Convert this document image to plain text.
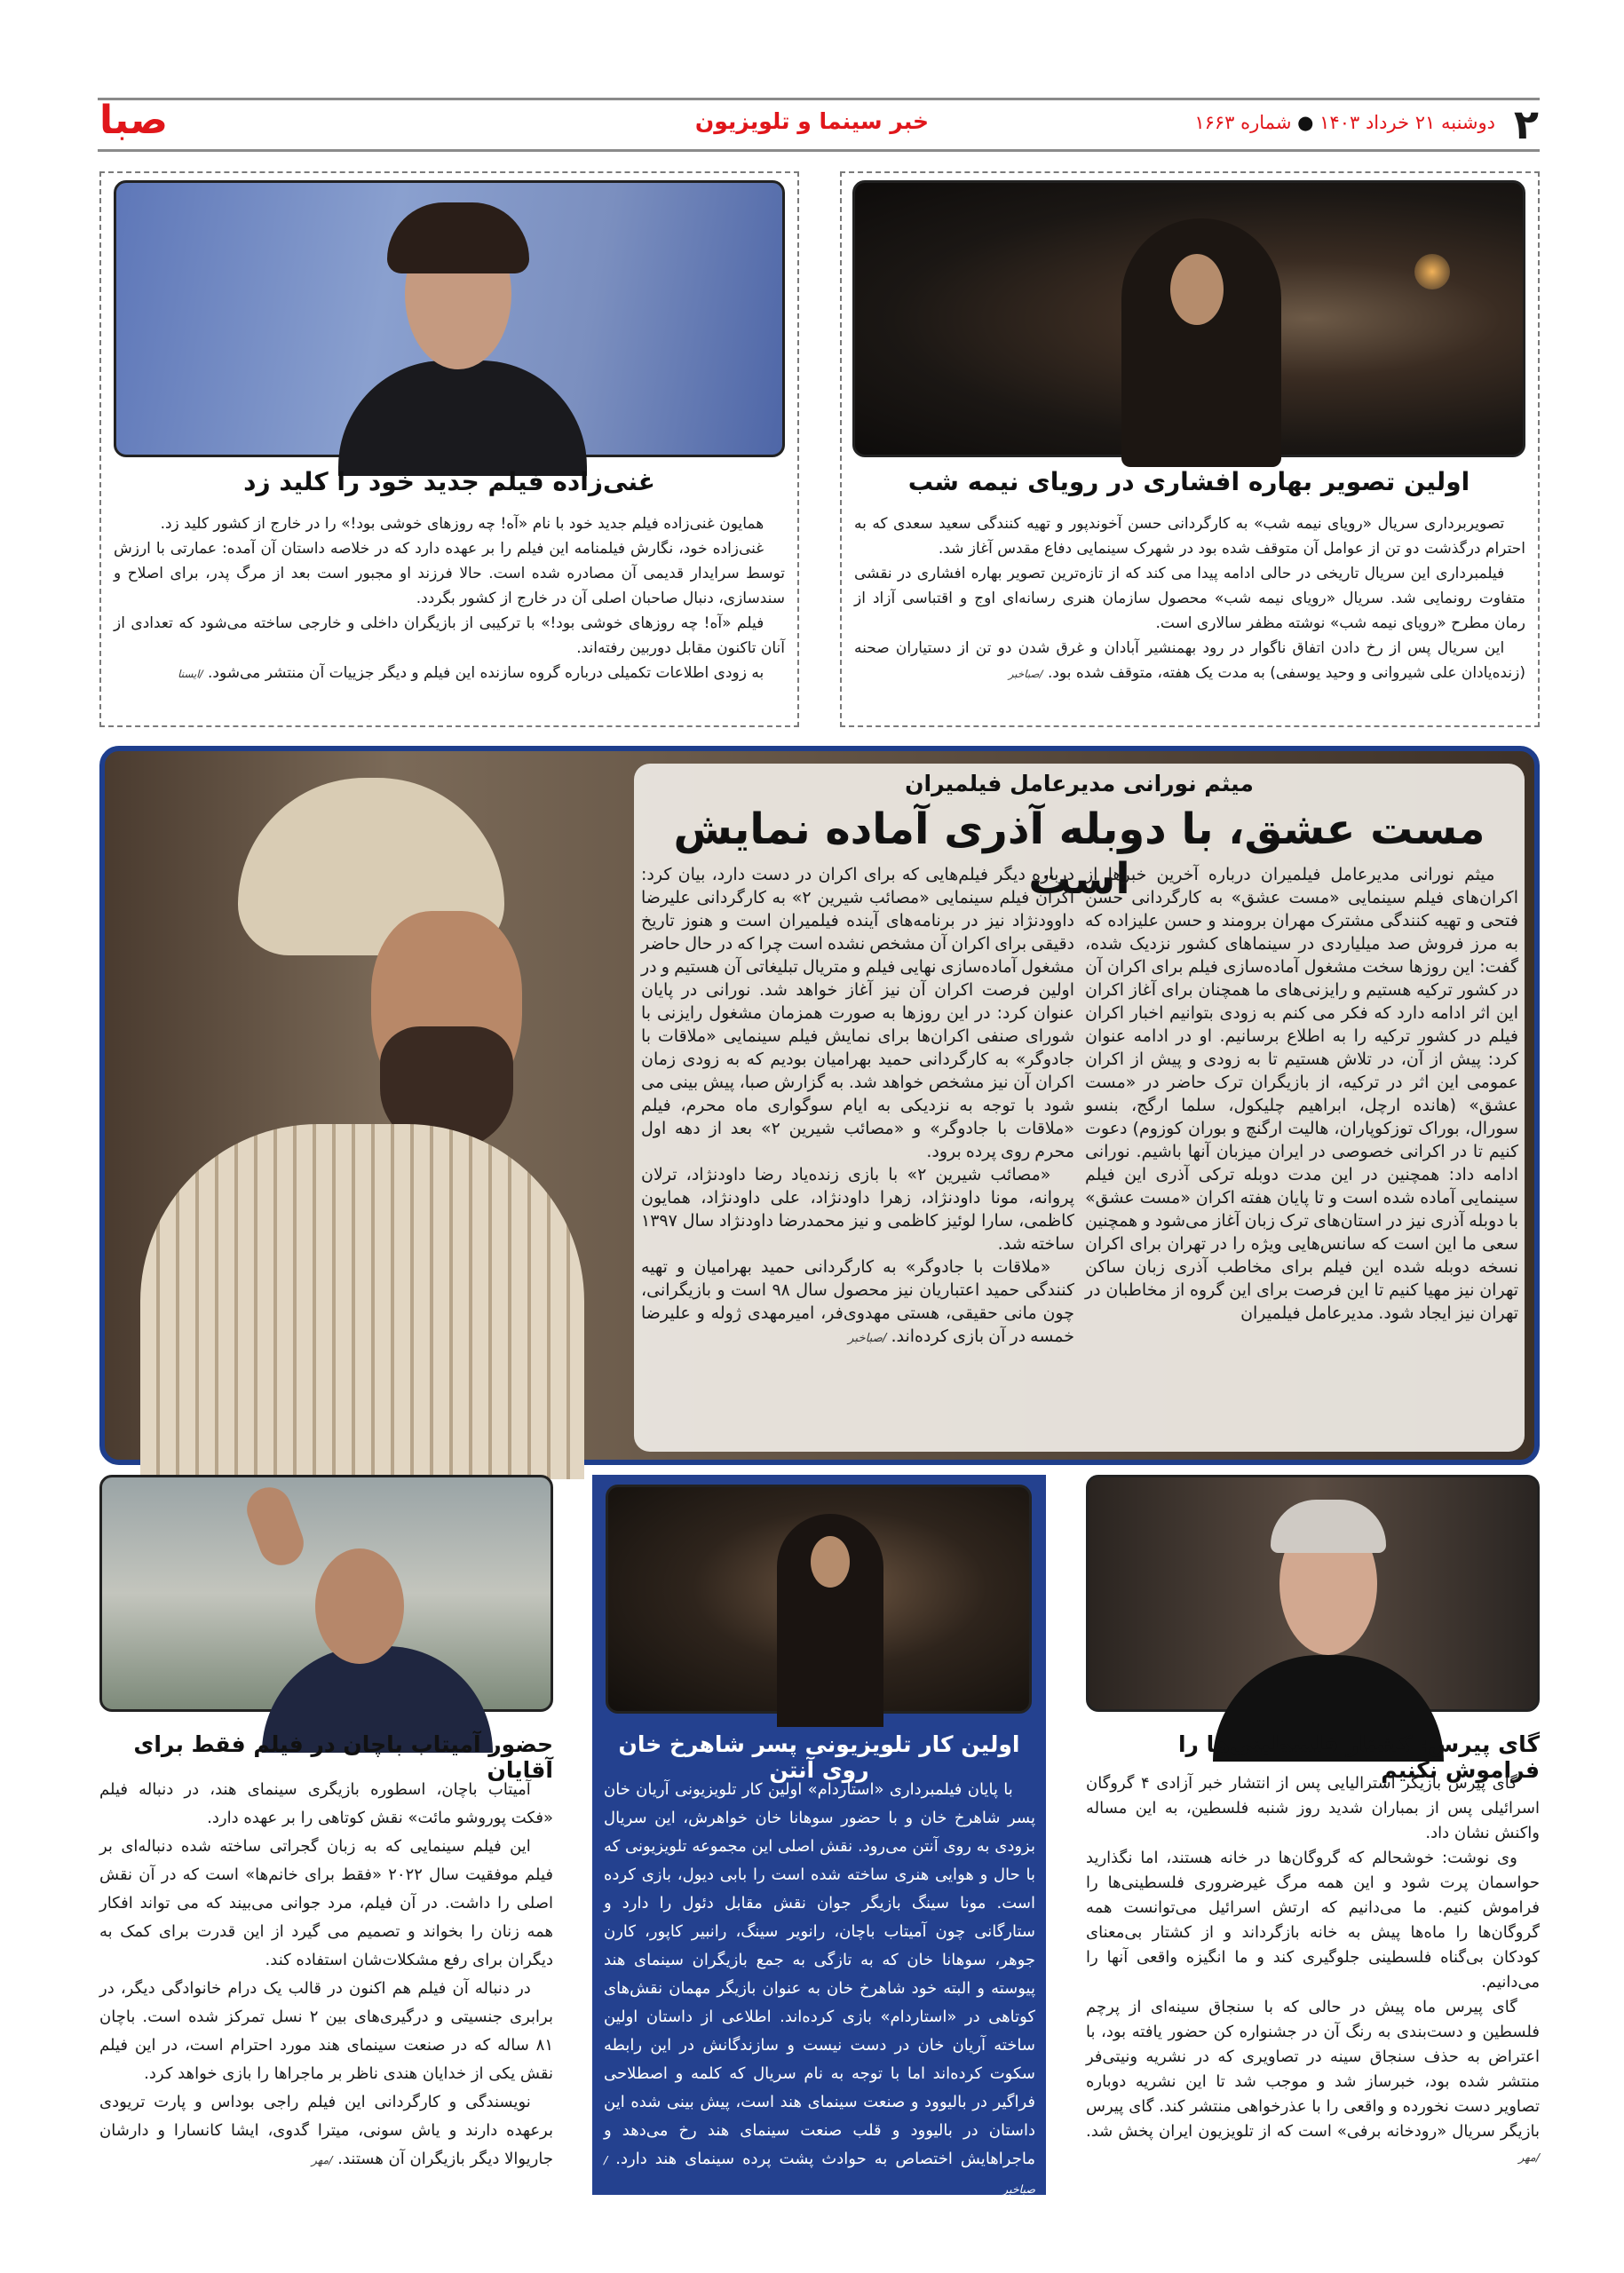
۲
دوشنبه ۲۱ خرداد ۱۴۰۳ ● شماره ۱۶۶۳
خبر سینما و تلویزیون
صبا
اولین تصویر بهاره افشاری در رویای نیمه شب

تصویربرداری سریال «رویای نیمه شب» به کارگردانی حسن آخوندپور و تهیه کنندگی سعید سعدی که به احترام درگذشت دو تن از عوامل آن متوقف شده بود در شهرک سینمایی دفاع مقدس آغاز شد.

فیلمبرداری این سریال تاریخی در حالی ادامه پیدا می کند که از تازه‌ترین تصویر بهاره افشاری در نقشی متفاوت رونمایی شد. سریال «رویای نیمه شب» محصول سازمان هنری رسانه‌ای اوج و اقتباسی آزاد از رمان مطرح «رویای نیمه شب» نوشته مظفر سالاری است.

این سریال پس از رخ دادن اتفاق ناگوار در رود بهمنشیر آبادان و غرق شدن دو تن از دستیاران صحنه (زنده‌یادان علی شیروانی و وحید یوسفی) به مدت یک هفته، متوقف شده بود. /صباخبر

غنی‌زاده فیلم جدید خود را کلید زد

همایون غنی‌زاده فیلم جدید خود با نام «آه! چه روزهای خوشی بود!» را در خارج از کشور کلید زد.

غنی‌زاده خود، نگارش فیلمنامه این فیلم را بر عهده دارد که در خلاصه داستان آن آمده: عمارتی با ارزش توسط سرایدار قدیمی آن مصادره شده است. حالا فرزند او مجبور است بعد از مرگ پدر، برای اصلاح و سندسازی، دنبال صاحبان اصلی آن در خارج از کشور بگردد.

فیلم «آه! چه روزهای خوشی بود!» با ترکیبی از بازیگران داخلی و خارجی ساخته می‌شود که تعدادی از آنان تاکنون مقابل دوربین رفته‌اند.

به زودی اطلاعات تکمیلی درباره گروه سازنده این فیلم و دیگر جزییات آن منتشر می‌شود. /ایسنا

میثم نورانی مدیرعامل فیلمیران
مست عشق، با دوبله آذری آماده نمایش است

میثم نورانی مدیرعامل فیلمیران درباره آخرین خبرها از اکران‌های فیلم سینمایی «مست عشق» به کارگردانی حسن فتحی و تهیه کنندگی مشترک مهران برومند و حسن علیزاده که به مرز فروش صد میلیاردی در سینماهای کشور نزدیک شده، گفت: این روزها سخت مشغول آماده‌سازی فیلم برای اکران آن در کشور ترکیه هستیم و رایزنی‌های ما همچنان برای آغاز اکران این اثر ادامه دارد که فکر می کنم به زودی بتوانیم اخبار اکران فیلم در کشور ترکیه را به اطلاع برسانیم. او در ادامه عنوان کرد: پیش از آن، در تلاش هستیم تا به زودی و پیش از اکران عمومی این اثر در ترکیه، از بازیگران ترک حاضر در «مست عشق» (هانده ارچل، ابراهیم چلیکول، سلما ارگج، بنسو سورال، بوراک توزکوپاران، هالیت ارگنچ و بوران کوزوم) دعوت کنیم تا در اکرانی خصوصی در ایران میزبان آنها باشیم. نورانی ادامه داد: همچنین در این مدت دوبله ترکی آذری این فیلم سینمایی آماده شده است و تا پایان هفته اکران «مست عشق» با دوبله آذری نیز در استان‌های ترک زبان آغاز می‌شود و همچنین سعی ما این است که سانس‌هایی ویژه را در تهران برای اکران نسخه دوبله شده این فیلم برای مخاطب آذری زبان ساکن تهران نیز مهیا کنیم تا این فرصت برای این گروه از مخاطبان در تهران نیز ایجاد شود. مدیرعامل فیلمیران

درباره دیگر فیلم‌هایی که برای اکران در دست دارد، بیان کرد: اکران فیلم سینمایی «مصائب شیرین ۲» به کارگردانی علیرضا داوودنژاد نیز در برنامه‌های آینده فیلمیران است و هنوز تاریخ دقیقی برای اکران آن مشخص نشده است چرا که در حال حاضر مشغول آماده‌سازی نهایی فیلم و متریال تبلیغاتی آن هستیم و در اولین فرصت اکران آن نیز آغاز خواهد شد. نورانی در پایان عنوان کرد: در این روزها به صورت همزمان مشغول رایزنی با شورای صنفی اکران‌ها برای نمایش فیلم سینمایی «ملاقات با جادوگر» به کارگردانی حمید بهرامیان بودیم که به زودی زمان اکران آن نیز مشخص خواهد شد. به گزارش صبا، پیش بینی می شود با توجه به نزدیکی به ایام سوگواری ماه محرم، فیلم «ملاقات با جادوگر» و «مصائب شیرین ۲» بعد از دهه اول محرم روی پرده برود.

«مصائب شیرین ۲» با بازی زنده‌یاد رضا داودنژاد، ترلان پروانه، مونا داودنژاد، زهرا داودنژاد، علی داودنژاد، همایون کاظمی، سارا لوئیز کاظمی و نیز محمدرضا داودنژاد سال ۱۳۹۷ ساخته شد.

«ملاقات با جادوگر» به کارگردانی حمید بهرامیان و تهیه کنندگی حمید اعتباریان نیز محصول سال ۹۸ است و بازیگرانی، چون مانی حقیقی، هستی مهدوی‌فر، امیرمهدی ژوله و علیرضا خمسه در آن بازی کرده‌اند. /صباخبر

گای پیرس: کشتار فلسطینی‌ها را فراموش نکنیم

گای پیرس بازیگر استرالیایی پس از انتشار خبر آزادی ۴ گروگان اسرائیلی پس از بمباران شدید روز شنبه فلسطین، به این مساله واکنش نشان داد.

وی نوشت: خوشحالم که گروگان‌ها در خانه هستند، اما نگذارید حواسمان پرت شود و این همه مرگ غیرضروری فلسطینی‌ها را فراموش کنیم. ما می‌دانیم که ارتش اسرائیل می‌توانست همه گروگان‌ها را ماه‌ها پیش به خانه بازگرداند و از کشتار بی‌معنای کودکان بی‌گناه فلسطینی جلوگیری کند و ما انگیزه واقعی آنها را می‌دانیم.

گای پیرس ماه پیش در حالی که با سنجاق سینه‌ای از پرچم فلسطین و دست‌بندی به رنگ آن در جشنواره کن حضور یافته بود، با اعتراض به حذف سنجاق سینه در تصاویری که در نشریه ونیتی‌فر منتشر شده بود، خبرساز شد و موجب شد تا این نشریه دوباره تصاویر دست نخورده و واقعی را با عذرخواهی منتشر کند. گای پیرس بازیگر سریال «رودخانه برفی» است که از تلویزیون ایران پخش شد. /مهر

اولین کار تلویزیونی پسر شاهرخ خان روی آنتن

با پایان فیلمبرداری «استاردام» اولین کار تلویزیونی آریان خان پسر شاهرخ خان و با حضور سوهانا خان خواهرش، این سریال بزودی به روی آنتن می‌رود. نقش اصلی این مجموعه تلویزیونی که با حال و هوایی هنری ساخته شده است را بابی دیول، بازی کرده است. مونا سینگ بازیگر جوان نقش مقابل دئول را دارد و ستارگانی چون آمیتاب باچان، رانویر سینگ، رانبیر کاپور، کارن جوهر، سوهانا خان که به تازگی به جمع بازیگران سینمای هند پیوسته و البته خود شاهرخ خان به عنوان بازیگر مهمان نقش‌های کوتاهی در «استاردام» بازی کرده‌اند. اطلاعی از داستان اولین ساخته آریان خان در دست نیست و سازندگانش در این رابطه سکوت کرده‌اند اما با توجه به نام سریال که کلمه و اصطلاحی فراگیر در بالیوود و صنعت سینمای هند است، پیش بینی شده این داستان در بالیوود و قلب صنعت سینمای هند رخ می‌دهد و ماجراهایش اختصاص به حوادث پشت پرده سینمای هند دارد. /صباخبر

حضور آمیتاب باچان در فیلم فقط برای آقایان

آمیتاب باچان، اسطوره بازیگری سینمای هند، در دنباله فیلم «فکت پوروشو مائت» نقش کوتاهی را بر عهده دارد.

این فیلم سینمایی که به زبان گجراتی ساخته شده دنباله‌ای بر فیلم موفقیت سال ۲۰۲۲ «فقط برای خانم‌ها» است که در آن نقش اصلی را داشت. در آن فیلم، مرد جوانی می‌بیند که می تواند افکار همه زنان را بخواند و تصمیم می گیرد از این قدرت برای کمک به دیگران برای رفع مشکلات‌شان استفاده کند.

در دنباله آن فیلم هم اکنون در قالب یک درام خانوادگی دیگر، در برابری جنسیتی و درگیری‌های بین ۲ نسل تمرکز شده است. باچان ۸۱ ساله که در صنعت سینمای هند مورد احترام است، در این فیلم نقش یکی از خدایان هندی ناظر بر ماجراها را بازی خواهد کرد.

نویسندگی و کارگردانی این فیلم راجی بوداس و پارت تریودی برعهده دارند و یاش سونی، میترا گدوی، ایشا کانسارا و دارشان جاریوالا دیگر بازیگران آن هستند. /مهر
